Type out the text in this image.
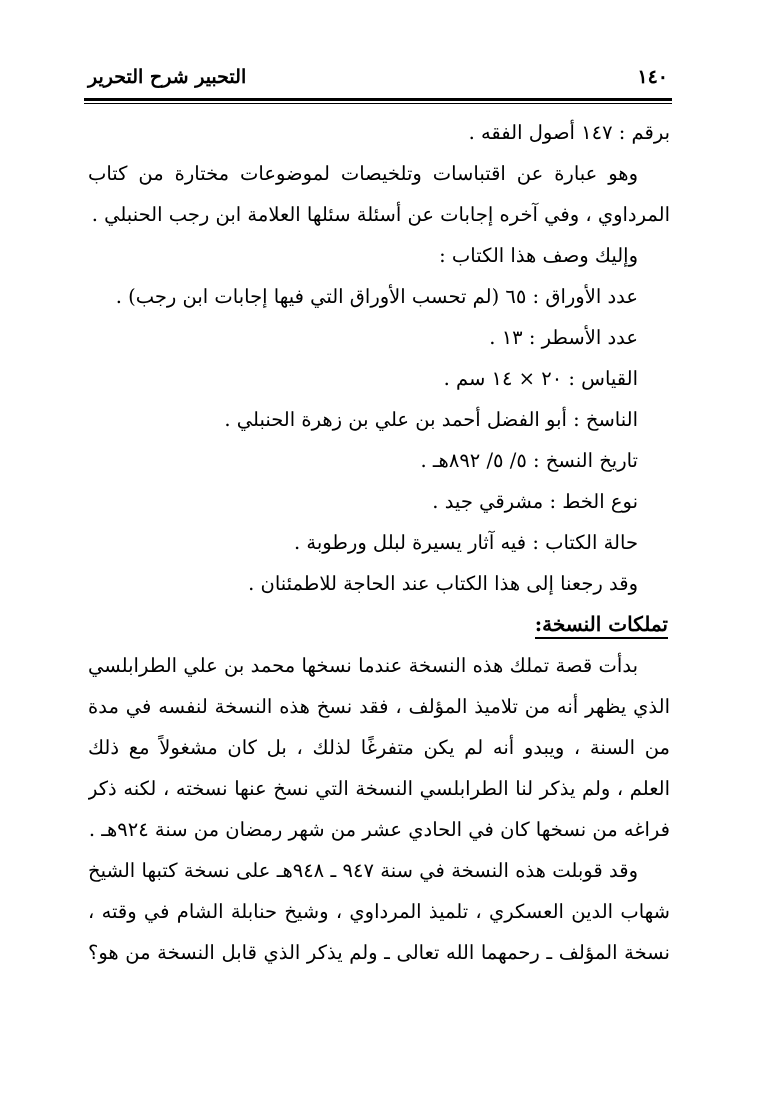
التحبير شرح التحرير	١٤٠
برقم : ١٤٧ أصول الفقه .
وهو عبارة عن اقتباسات وتلخيصات لموضوعات مختارة من كتاب
المرداوي ، وفي آخره إجابات عن أسئلة سئلها العلامة ابن رجب الحنبلي .
وإليك وصف هذا الكتاب :
عدد الأوراق : ٦٥ (لم تحسب الأوراق التي فيها إجابات ابن رجب) .
عدد الأسطر : ١٣ .
القياس : ٢٠ × ١٤ سم .
الناسخ : أبو الفضل أحمد بن علي بن زهرة الحنبلي .
تاريخ النسخ : ٥/ ٥/ ٨٩٢هـ .
نوع الخط : مشرقي جيد .
حالة الكتاب : فيه آثار يسيرة لبلل ورطوبة .
وقد رجعنا إلى هذا الكتاب عند الحاجة للاطمئنان .
تملكات النسخة:
بدأت قصة تملك هذه النسخة عندما نسخها محمد بن علي الطرابلسي
الذي يظهر أنه من تلاميذ المؤلف ، فقد نسخ هذه النسخة لنفسه في مدة
من السنة ، ويبدو أنه لم يكن متفرغًا لذلك ، بل كان مشغولاً مع ذلك
العلم ، ولم يذكر لنا الطرابلسي النسخة التي نسخ عنها نسخته ، لكنه ذكر
فراغه من نسخها كان في الحادي عشر من شهر رمضان من سنة ٩٢٤هـ .
وقد قوبلت هذه النسخة في سنة ٩٤٧ ـ ٩٤٨هـ على نسخة كتبها الشيخ
شهاب الدين العسكري ، تلميذ المرداوي ، وشيخ حنابلة الشام في وقته ،
نسخة المؤلف ـ رحمهما الله تعالى ـ ولم يذكر الذي قابل النسخة من هو؟
